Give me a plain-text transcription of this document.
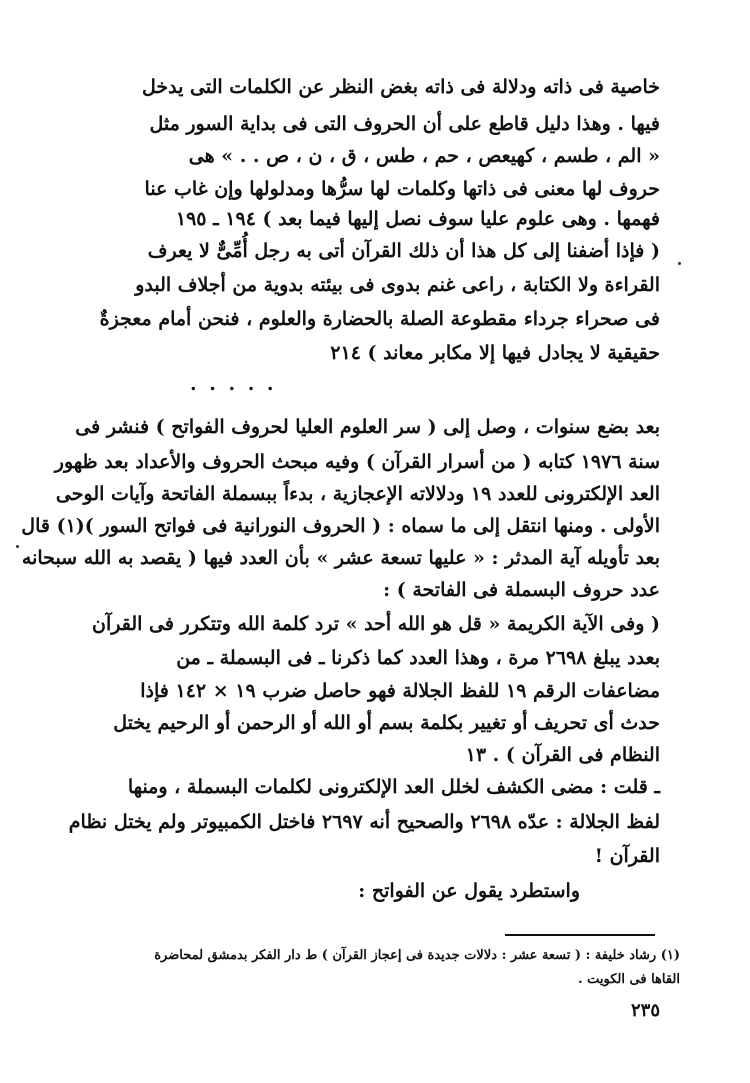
خاصية فى ذاته ودلالة فى ذاته بغض النظر عن الكلمات التى يدخل

فيها . وهذا دليل قاطع على أن الحروف التى فى بداية السور مثل

« الم ، طسم ، كهيعص ، حم ، طس ، ق ، ن ، ص . . » هى

حروف لها معنى فى ذاتها وكلمات لها سرُّها ومدلولها وإن غاب عنا

فهمها . وهى علوم عليا سوف نصل إليها فيما بعد ) ١٩٤ ـ ١٩٥

( فإذا أضفنا إلى كل هذا أن ذلك القرآن أتى به رجل أُمِّىٌّ لا يعرف

القراءة ولا الكتابة ، راعى غنم بدوى فى بيئته بدوية من أجلاف البدو

فى صحراء جرداء مقطوعة الصلة بالحضارة والعلوم ، فنحن أمام معجزةٌ

حقيقية لا يجادل فيها إلا مكابر معاند ) ٢١٤

. . . . .

بعد بضع سنوات ، وصل إلى ( سر العلوم العليا لحروف الفواتح ) فنشر فى

سنة ١٩٧٦ كتابه ( من أسرار القرآن ) وفيه مبحث الحروف والأعداد بعد ظهور

العد الإلكترونى للعدد ١٩ ودلالاته الإعجازية ، بدءاً ببسملة الفاتحة وآيات الوحى

الأولى . ومنها انتقل إلى ما سماه : ( الحروف النورانية فى فواتح السور )(١) قال

بعد تأويله آية المدثر : « عليها تسعة عشر » بأن العدد فيها ( يقصد به الله سبحانه

عدد حروف البسملة فى الفاتحة ) :

( وفى الآية الكريمة « قل هو الله أحد » ترد كلمة الله وتتكرر فى القرآن

بعدد يبلغ ٢٦٩٨ مرة ، وهذا العدد كما ذكرنا ـ فى البسملة ـ من

مضاعفات الرقم ١٩ للفظ الجلالة فهو حاصل ضرب ١٩ × ١٤٢ فإذا

حدث أى تحريف أو تغيير بكلمة بسم أو الله أو الرحمن أو الرحيم يختل

النظام فى القرآن ) . ١٣

ـ قلت : مضى الكشف لخلل العد الإلكترونى لكلمات البسملة ، ومنها

لفظ الجلالة : عدّه ٢٦٩٨ والصحيح أنه ٢٦٩٧ فاختل الكمبيوتر ولم يختل نظام

القرآن !

واستطرد يقول عن الفواتح :

(١) رشاد خليفة : ( تسعة عشر : دلالات جديدة فى إعجاز القرآن ) ط دار الفكر بدمشق لمحاضرة

القاها فى الكويت .

٢٣٥
